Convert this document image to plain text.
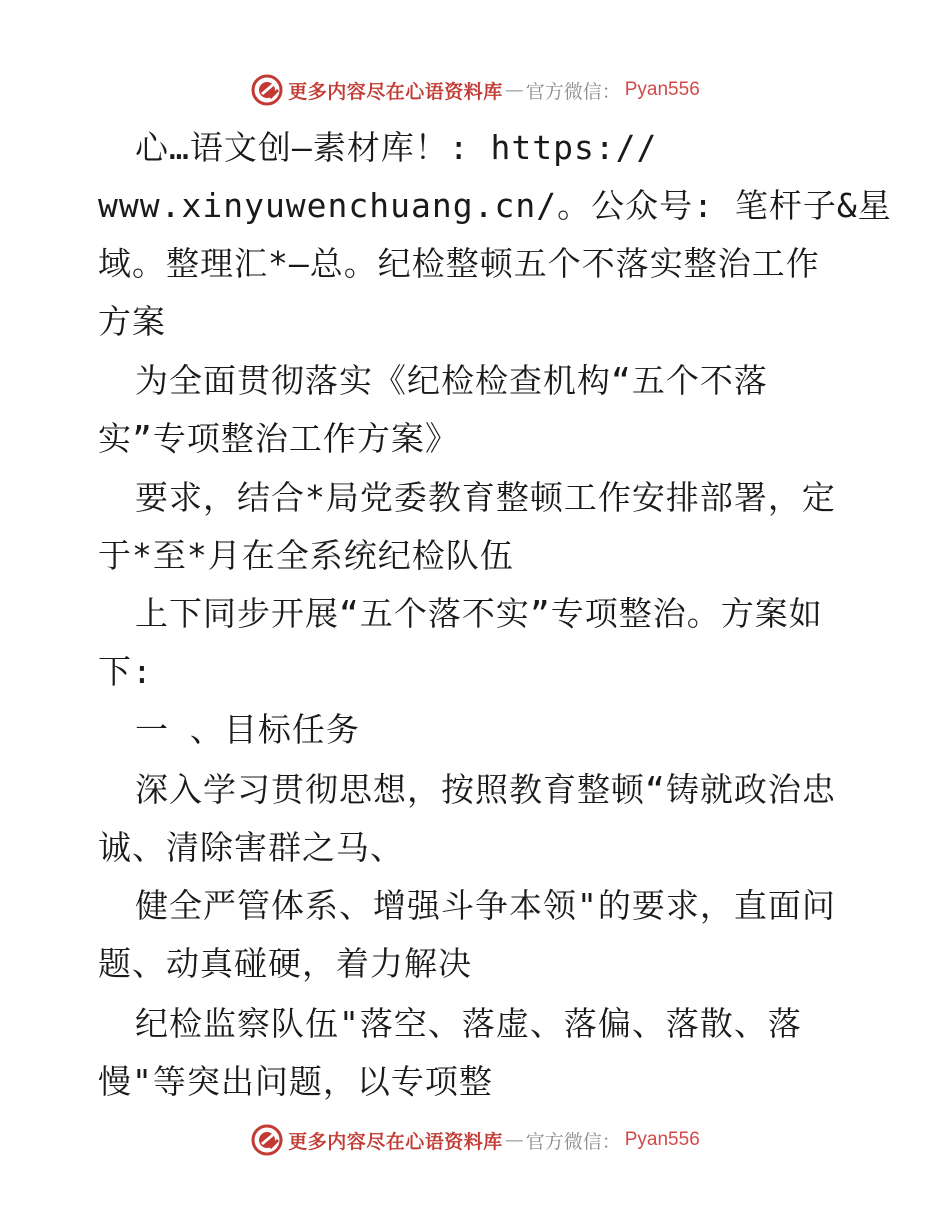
更多内容尽在心语资料库 — 官方微信： Pyan556
心…语文创—素材库！: https://
www.xinyuwenchuang.cn/。公众号: 笔杆子&星
域。整理汇*—总。纪检整顿五个不落实整治工作
方案
为全面贯彻落实《纪检检查机构“五个不落
实”专项整治工作方案》
要求，结合*局党委教育整顿工作安排部署，定
于*至*月在全系统纪检队伍
上下同步开展“五个落不实”专项整治。方案如
下:
一 、目标任务
深入学习贯彻思想，按照教育整顿“铸就政治忠
诚、清除害群之马、
健全严管体系、增强斗争本领"的要求，直面问
题、动真碰硬，着力解决
纪检监察队伍"落空、落虚、落偏、落散、落
慢"等突出问题，以专项整
更多内容尽在心语资料库 — 官方微信： Pyan556
